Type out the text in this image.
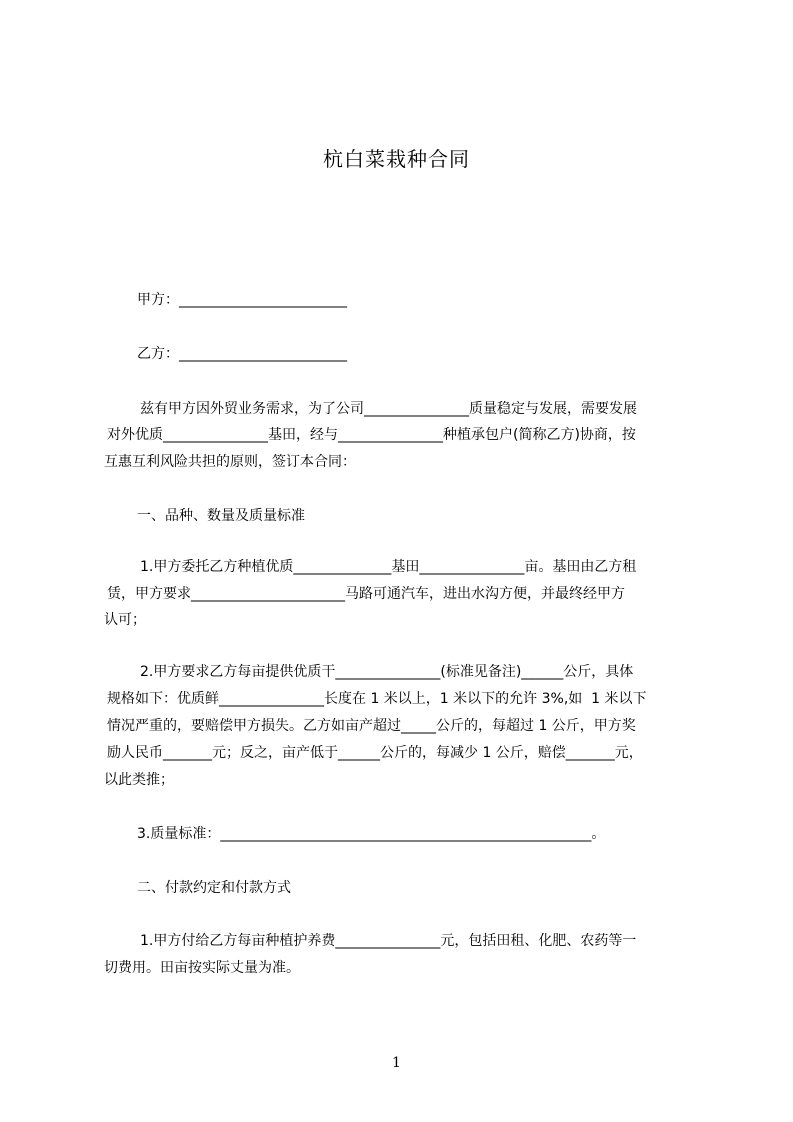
杭白菜栽种合同
甲方：________________________
乙方：________________________
兹有甲方因外贸业务需求，为了公司_______________质量稳定与发展，需要发展
对外优质_______________基田，经与_______________种植承包户(简称乙方)协商，按
互惠互利风险共担的原则，签订本合同：
一、品种、数量及质量标准
1.甲方委托乙方种植优质______________基田_______________亩。基田由乙方租
赁，甲方要求______________________马路可通汽车，进出水沟方便，并最终经甲方
认可；
2.甲方要求乙方每亩提供优质干_______________(标准见备注)______公斤，具体
规格如下：优质鲜_______________长度在 1 米以上，1 米以下的允许 3%,如  1 米以下
情况严重的，要赔偿甲方损失。乙方如亩产超过_____公斤的，每超过 1 公斤，甲方奖
励人民币_______元；反之，亩产低于______公斤的，每减少 1 公斤，赔偿_______元，
以此类推；
3.质量标准：_____________________________________________________。
二、付款约定和付款方式
1.甲方付给乙方每亩种植护养费_______________元，包括田租、化肥、农药等一
切费用。田亩按实际丈量为准。
1
